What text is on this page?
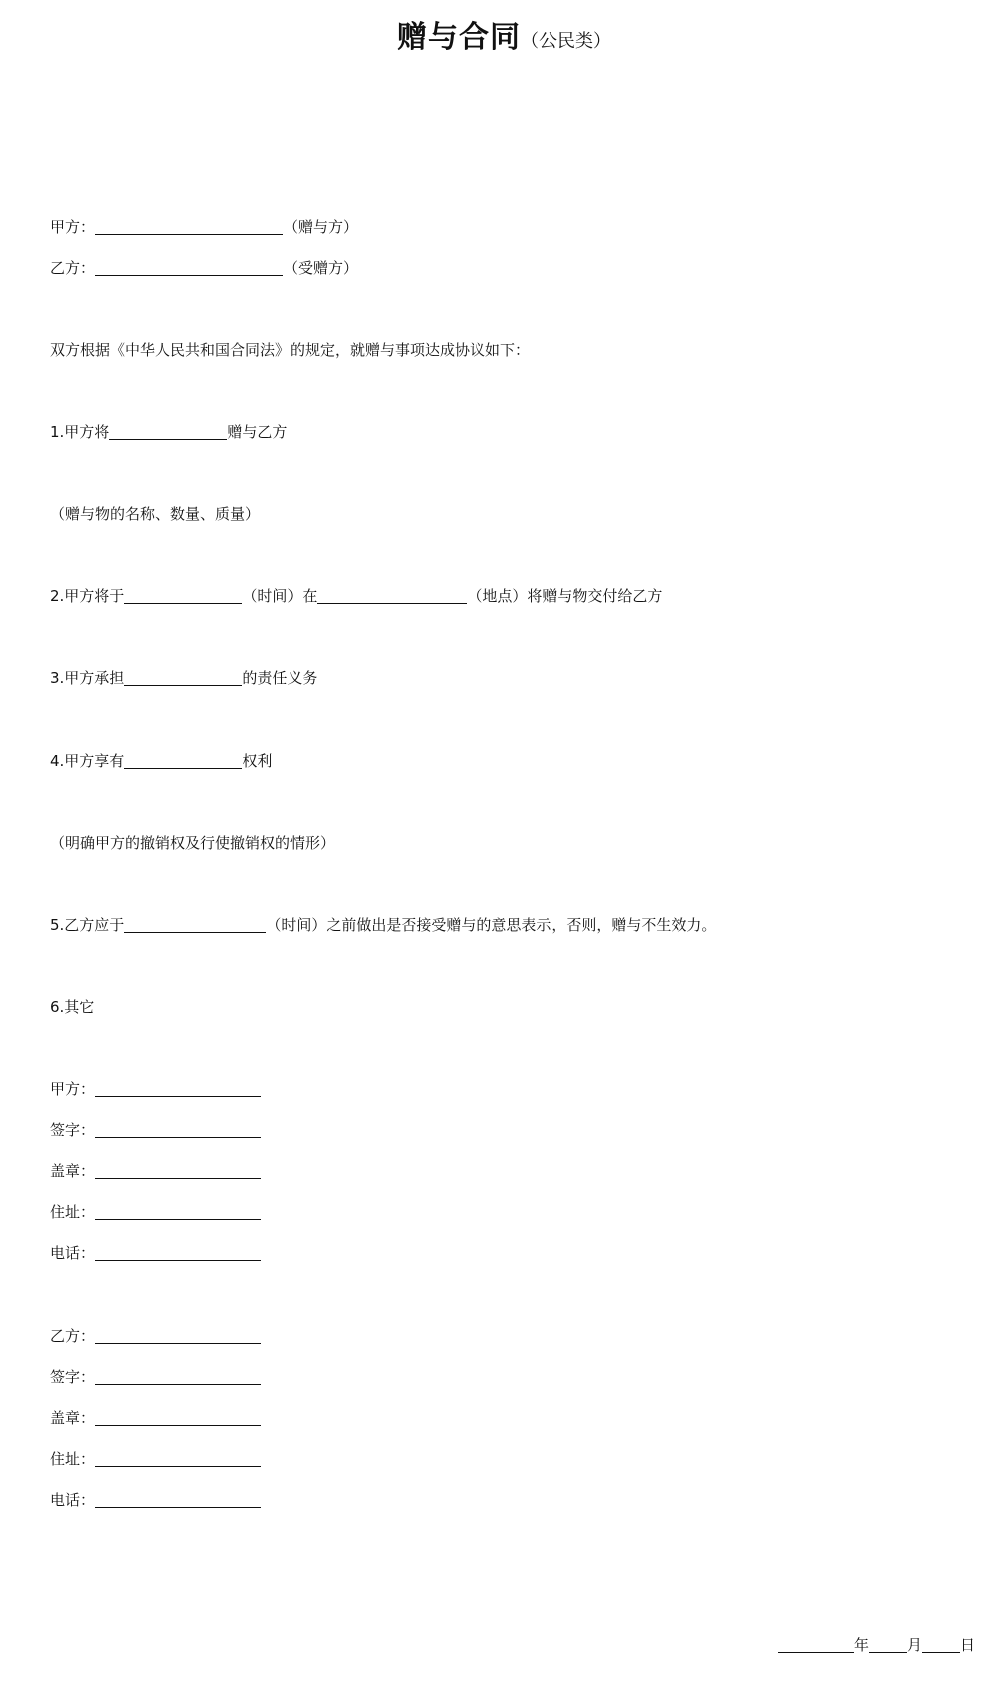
赠与合同（公民类）
甲方：	（赠与方）
乙方：	（受赠方）
双方根据《中华人民共和国合同法》的规定，就赠与事项达成协议如下：
1.甲方将	赠与乙方
（赠与物的名称、数量、质量）
2.甲方将于	（时间）在	（地点）将赠与物交付给乙方
3.甲方承担	的责任义务
4.甲方享有	权利
（明确甲方的撤销权及行使撤销权的情形）
5.乙方应于	（时间）之前做出是否接受赠与的意思表示，否则，赠与不生效力。
6.其它
甲方：
签字：
盖章：
住址：
电话：
乙方：
签字：
盖章：
住址：
电话：
年	月	日
